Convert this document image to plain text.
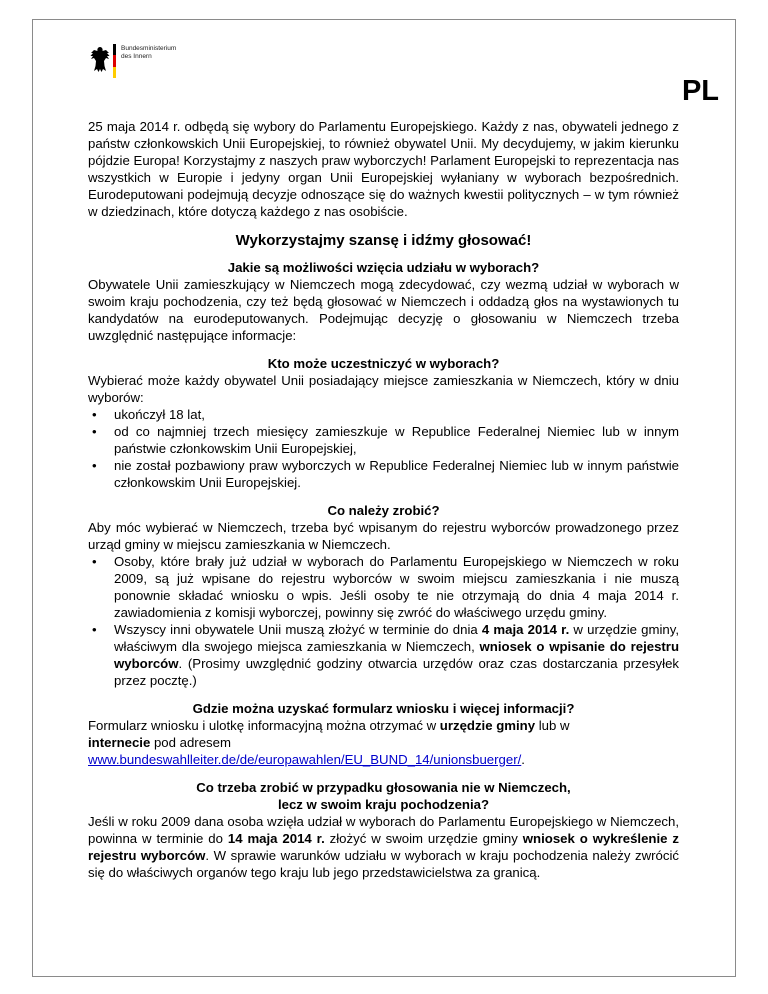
Bundesministerium
des Innern
PL

25 maja 2014 r. odbędą się wybory do Parlamentu Europejskiego. Każdy z nas, obywateli jednego z państw członkowskich Unii Europejskiej, to również obywatel Unii. My decydujemy, w jakim kierunku pójdzie Europa! Korzystajmy z naszych praw wyborczych! Parlament Europejski to reprezentacja nas wszystkich w Europie i jedyny organ Unii Europejskiej wyłaniany w wyborach bezpośrednich. Eurodeputowani podejmują decyzje odnoszące się do ważnych kwestii politycznych – w tym również w dziedzinach, które dotyczą każdego z nas osobiście.

Wykorzystajmy szansę i idźmy głosować!
Jakie są możliwości wzięcia udziału w wyborach?

Obywatele Unii zamieszkujący w Niemczech mogą zdecydować, czy wezmą udział w wyborach w swoim kraju pochodzenia, czy też będą głosować w Niemczech i oddadzą głos na wystawionych tu kandydatów na eurodeputowanych. Podejmując decyzję o głosowaniu w Niemczech trzeba uwzględnić następujące informacje:

Kto może uczestniczyć w wyborach?

Wybierać może każdy obywatel Unii posiadający miejsce zamieszkania w Niemczech, który w dniu wyborów:

• ukończył 18 lat,
• od co najmniej trzech miesięcy zamieszkuje w Republice Federalnej Niemiec lub w innym państwie członkowskim Unii Europejskiej,
• nie został pozbawiony praw wyborczych w Republice Federalnej Niemiec lub w innym państwie członkowskim Unii Europejskiej.
Co należy zrobić?

Aby móc wybierać w Niemczech, trzeba być wpisanym do rejestru wyborców prowadzonego przez urząd gminy w miejscu zamieszkania w Niemczech.

• Osoby, które brały już udział w wyborach do Parlamentu Europejskiego w Niemczech w roku 2009, są już wpisane do rejestru wyborców w swoim miejscu zamieszkania i nie muszą ponownie składać wniosku o wpis. Jeśli osoby te nie otrzymają do dnia 4 maja 2014 r. zawiadomienia z komisji wyborczej, powinny się zwróć do właściwego urzędu gminy.
• Wszyscy inni obywatele Unii muszą złożyć w terminie do dnia 4 maja 2014 r. w urzędzie gminy, właściwym dla swojego miejsca zamieszkania w Niemczech, wniosek o wpisanie do rejestru wyborców. (Prosimy uwzględnić godziny otwarcia urzędów oraz czas dostarczania przesyłek przez pocztę.)
Gdzie można uzyskać formularz wniosku i więcej informacji?

Formularz wniosku i ulotkę informacyjną można otrzymać w urzędzie gminy lub w
internecie pod adresem
www.bundeswahlleiter.de/de/europawahlen/EU_BUND_14/unionsbuerger/.

Co trzeba zrobić w przypadku głosowania nie w Niemczech,
lecz w swoim kraju pochodzenia?

Jeśli w roku 2009 dana osoba wzięła udział w wyborach do Parlamentu Europejskiego w Niemczech, powinna w terminie do 14 maja 2014 r. złożyć w swoim urzędzie gminy wniosek o wykreślenie z rejestru wyborców. W sprawie warunków udziału w wyborach w kraju pochodzenia należy zwrócić się do właściwych organów tego kraju lub jego przedstawicielstwa za granicą.
